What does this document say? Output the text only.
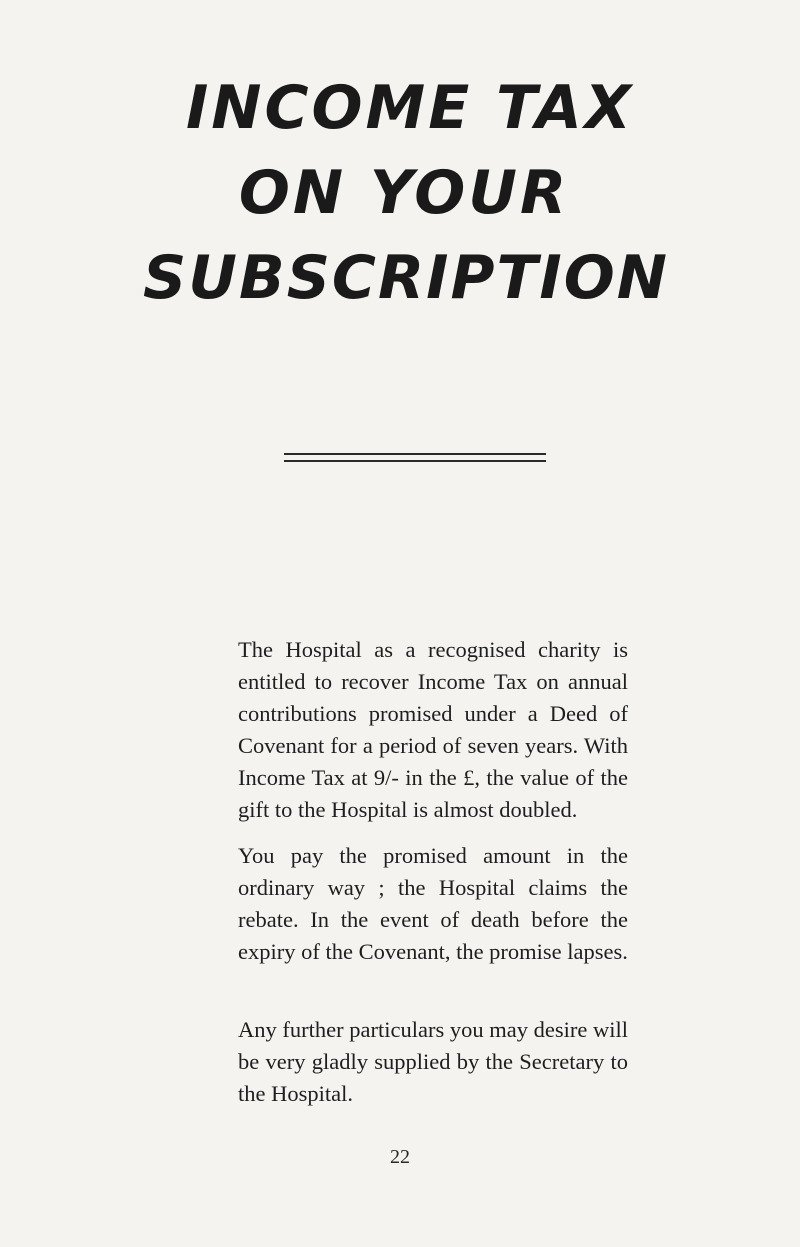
INCOME TAX
ON YOUR
SUBSCRIPTION

The Hospital as a recognised charity is entitled to recover Income Tax on annual contributions promised under a Deed of Covenant for a period of seven years. With Income Tax at 9/- in the £, the value of the gift to the Hospital is almost doubled.

You pay the promised amount in the ordinary way ; the Hospital claims the rebate. In the event of death before the expiry of the Covenant, the promise lapses.

Any further particulars you may desire will be very gladly supplied by the Secretary to the Hospital.

22
